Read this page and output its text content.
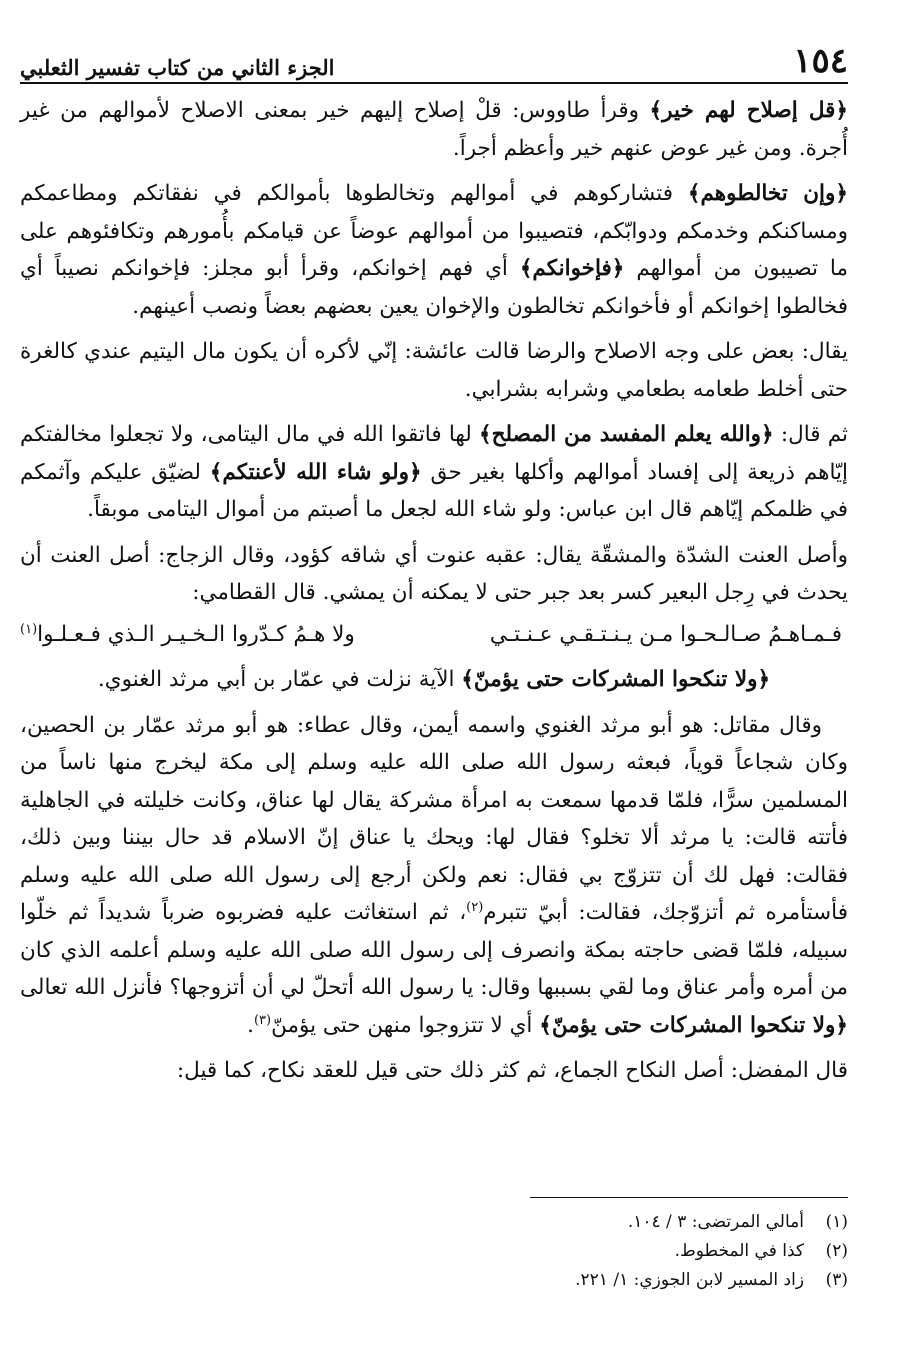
١٥٤
الجزء الثاني من كتاب تفسير الثعلبي

﴿قل إصلاح لهم خير﴾ وقرأ طاووس: قلْ إصلاح إليهم خير بمعنى الاصلاح لأموالهم من غير أُجرة. ومن غير عوض عنهم خير وأعظم أجراً.

﴿وإن تخالطوهم﴾ فتشاركوهم في أموالهم وتخالطوها بأموالكم في نفقاتكم ومطاعمكم ومساكنكم وخدمكم ودوابّكم، فتصيبوا من أموالهم عوضاً عن قيامكم بأُمورهم وتكافئوهم على ما تصيبون من أموالهم ﴿فإخوانكم﴾ أي فهم إخوانكم، وقرأ أبو مجلز: فإخوانكم نصيباً أي فخالطوا إخوانكم أو فأخوانكم تخالطون والإخوان يعين بعضهم بعضاً ونصب أعينهم.

يقال: بعض على وجه الاصلاح والرضا قالت عائشة: إنّي لأكره أن يكون مال اليتيم عندي كالغرة حتى أخلط طعامه بطعامي وشرابه بشرابي.

ثم قال: ﴿والله يعلم المفسد من المصلح﴾ لها فاتقوا الله في مال اليتامى، ولا تجعلوا مخالفتكم إيّاهم ذريعة إلى إفساد أموالهم وأكلها بغير حق ﴿ولو شاء الله لأعنتكم﴾ لضيّق عليكم وآثمكم في ظلمكم إيّاهم قال ابن عباس: ولو شاء الله لجعل ما أصبتم من أموال اليتامى موبقاً.

وأصل العنت الشدّة والمشقّة يقال: عقبه عنوت أي شاقه كؤود، وقال الزجاج: أصل العنت أن يحدث في رِجل البعير كسر بعد جبر حتى لا يمكنه أن يمشي. قال القطامي:

فـمـاهـمُ صـالـحـوا مـن يـنـتـقـي عـنـتـي
ولا هـمُ كـدّروا الـخـيـر الـذي فـعـلـوا$^{(١)}$

﴿ولا تنكحوا المشركات حتى يؤمنّ﴾ الآية نزلت في عمّار بن أبي مرثد الغنوي.

وقال مقاتل: هو أبو مرثد الغنوي واسمه أيمن، وقال عطاء: هو أبو مرثد عمّار بن الحصين، وكان شجاعاً قوياً، فبعثه رسول الله صلى الله عليه وسلم إلى مكة ليخرج منها ناساً من المسلمين سرًّا، فلمّا قدمها سمعت به امرأة مشركة يقال لها عناق، وكانت خليلته في الجاهلية فأتته قالت: يا مرثد ألا تخلو؟ فقال لها: ويحك يا عناق إنّ الاسلام قد حال بيننا وبين ذلك، فقالت: فهل لك أن تتزوّج بي فقال: نعم ولكن أرجع إلى رسول الله صلى الله عليه وسلم فأستأمره ثم أتزوّجك، فقالت: أبيّ تتبرم$^{(٢)}$، ثم استغاثت عليه فضربوه ضرباً شديداً ثم خلّوا سبيله، فلمّا قضى حاجته بمكة وانصرف إلى رسول الله صلى الله عليه وسلم أعلمه الذي كان من أمره وأمر عناق وما لقي بسببها وقال: يا رسول الله أتحلّ لي أن أتزوجها؟ فأنزل الله تعالى ﴿ولا تنكحوا المشركات حتى يؤمنّ﴾ أي لا تتزوجوا منهن حتى يؤمنّ$^{(٣)}$.

قال المفضل: أصل النكاح الجماع، ثم كثر ذلك حتى قيل للعقد نكاح، كما قيل:

(١)
أمالي المرتضى: ٣ / ١٠٤.
(٢)
كذا في المخطوط.
(٣)
زاد المسير لابن الجوزي: ١/ ٢٢١.
